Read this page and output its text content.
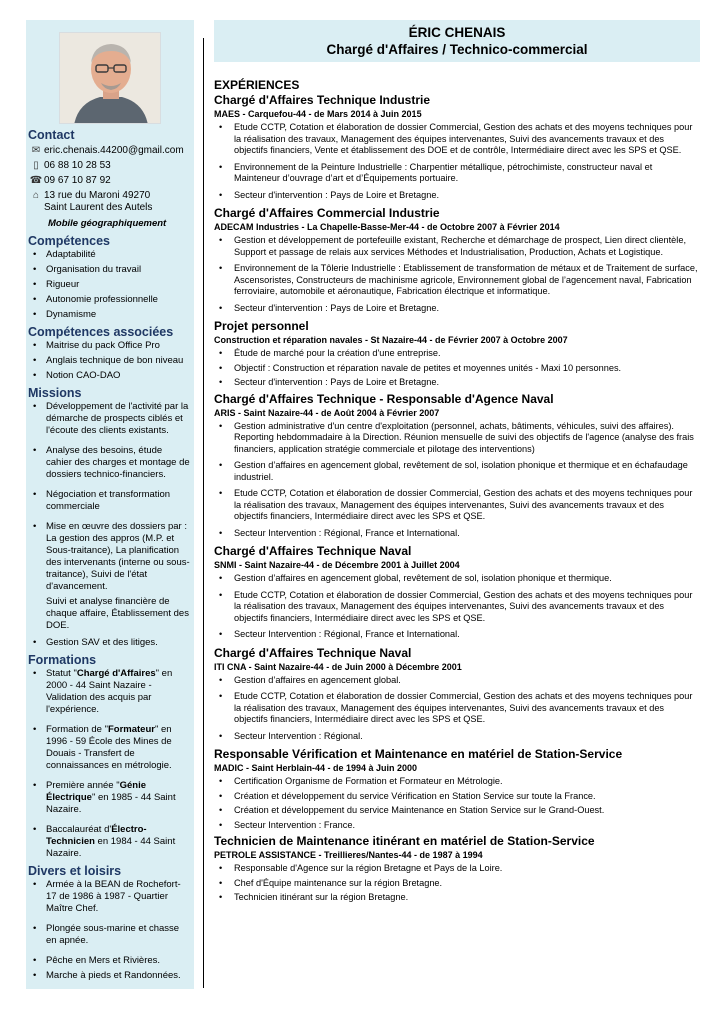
Contact
✉ eric.chenais.44200@gmail.com
▯ 06 88 10 28 53
☎ 09 67 10 87 92
⌂ 13 rue du Maroni 49270
Saint Laurent des Autels
Mobile géographiquement
Compétences
• Adaptabilité
• Organisation du travail
• Rigueur
• Autonomie professionnelle
• Dynamisme
Compétences associées
• Maitrise du pack Office Pro
• Anglais technique de bon niveau
• Notion CAO-DAO
Missions
• Développement de l'activité par la démarche de prospects ciblés et l'écoute des clients existants.
• Analyse des besoins, étude cahier des charges et montage de dossiers technico-financiers.
• Négociation et transformation commerciale
• Mise en œuvre des dossiers par : La gestion des appros (M.P. et Sous-traitance), La planification des intervenants (interne ou sous-traitance), Suivi de l'état d'avancement.
Suivi et analyse financière de chaque affaire, Établissement des DOE.
• Gestion SAV et des litiges.
Formations
• Statut "Chargé d'Affaires" en 2000 - 44 Saint Nazaire - Validation des acquis par l'expérience.
• Formation de "Formateur" en 1996 - 59 École des Mines de Douais - Transfert de connaissances en métrologie.
• Première année "Génie Électrique" en 1985 - 44 Saint Nazaire.
• Baccalauréat d'Électro-Technicien en 1984 - 44 Saint Nazaire.
Divers et loisirs
• Armée à la BEAN de Rochefort-17 de 1986 à 1987 - Quartier Maître Chef.
• Plongée sous-marine et chasse en apnée.
• Pêche en Mers et Rivières.
• Marche à pieds et Randonnées.
ÉRIC CHENAIS
Chargé d'Affaires / Technico-commercial
EXPÉRIENCES
Chargé d'Affaires Technique Industrie
MAES - Carquefou-44 - de Mars 2014 à Juin 2015
• Etude CCTP, Cotation et élaboration de dossier Commercial, Gestion des achats et des moyens techniques pour la réalisation des travaux, Management des équipes intervenantes, Suivi des avancements travaux et des objectifs financiers, Vente et établissement des DOE et de contrôle, Intermédiaire direct avec les SPS et QSE.
• Environnement de la Peinture Industrielle : Charpentier métallique, pétrochimiste, constructeur naval et Mainteneur d’ouvrage d’art et d’Équipements portuaire.
• Secteur d'intervention : Pays de Loire et Bretagne.
Chargé d'Affaires Commercial Industrie
ADECAM Industries - La Chapelle-Basse-Mer-44 - de Octobre 2007 à Février 2014
• Gestion et développement de portefeuille existant, Recherche et démarchage de prospect, Lien direct clientèle, Support et passage de relais aux services Méthodes et Industrialisation, Production, Achats et Logistique.
• Environnement de la Tôlerie Industrielle : Etablissement de transformation de métaux et de Traitement de surface, Ascensoristes, Constructeurs de machinisme agricole, Environnement global de l’agencement naval, Fabrication ferroviaire, automobile et aéronautique, Fabrication électrique et informatique.
• Secteur d'intervention : Pays de Loire et Bretagne.
Projet personnel
Construction et réparation navales - St Nazaire-44 - de Février 2007 à Octobre 2007
• Étude de marché pour la création d'une entreprise.
• Objectif : Construction et réparation navale de petites et moyennes unités - Maxi 10 personnes.
• Secteur d'intervention : Pays de Loire et Bretagne.
Chargé d'Affaires Technique - Responsable d'Agence Naval
ARIS - Saint Nazaire-44 - de Août 2004 à Février 2007
• Gestion administrative d'un centre d'exploitation (personnel, achats, bâtiments, véhicules, suivi des affaires). Reporting hebdommadaire à la Direction. Réunion mensuelle de suivi des objectifs de l'agence (analyse des frais financiers, application stratégie commerciale et pilotage des interventions)
• Gestion d’affaires en agencement global, revêtement de sol, isolation phonique et thermique et en échafaudage industriel.
• Etude CCTP, Cotation et élaboration de dossier Commercial, Gestion des achats et des moyens techniques pour la réalisation des travaux, Management des équipes intervenantes, Suivi des avancements travaux et des objectifs financiers, Intermédiaire direct avec les SPS et QSE.
• Secteur Intervention : Régional, France et International.
Chargé d'Affaires Technique Naval
SNMI - Saint Nazaire-44 - de Décembre 2001 à Juillet 2004
• Gestion d’affaires en agencement global, revêtement de sol, isolation phonique et thermique.
• Etude CCTP, Cotation et élaboration de dossier Commercial, Gestion des achats et des moyens techniques pour la réalisation des travaux, Management des équipes intervenantes, Suivi des avancements travaux et des objectifs financiers, Intermédiaire direct avec les SPS et QSE.
• Secteur Intervention : Régional, France et International.
Chargé d'Affaires Technique Naval
ITI CNA - Saint Nazaire-44 - de Juin 2000 à Décembre 2001
• Gestion d’affaires en agencement global.
• Etude CCTP, Cotation et élaboration de dossier Commercial, Gestion des achats et des moyens techniques pour la réalisation des travaux, Management des équipes intervenantes, Suivi des avancements travaux et des objectifs financiers, Intermédiaire direct avec les SPS et QSE.
• Secteur Intervention : Régional.
Responsable Vérification et Maintenance en matériel de Station-Service
MADIC - Saint Herblain-44 - de 1994 à Juin 2000
• Certification Organisme de Formation et Formateur en Métrologie.
• Création et développement du service Vérification en Station Service sur toute la France.
• Création et développement du service Maintenance en Station Service sur le Grand-Ouest.
• Secteur Intervention : France.
Technicien de Maintenance itinérant en matériel de Station-Service
PETROLE ASSISTANCE - Treillieres/Nantes-44 - de 1987 à 1994
• Responsable d'Agence sur la région Bretagne et Pays de la Loire.
• Chef d'Équipe maintenance sur la région Bretagne.
• Technicien itinérant sur la région Bretagne.
